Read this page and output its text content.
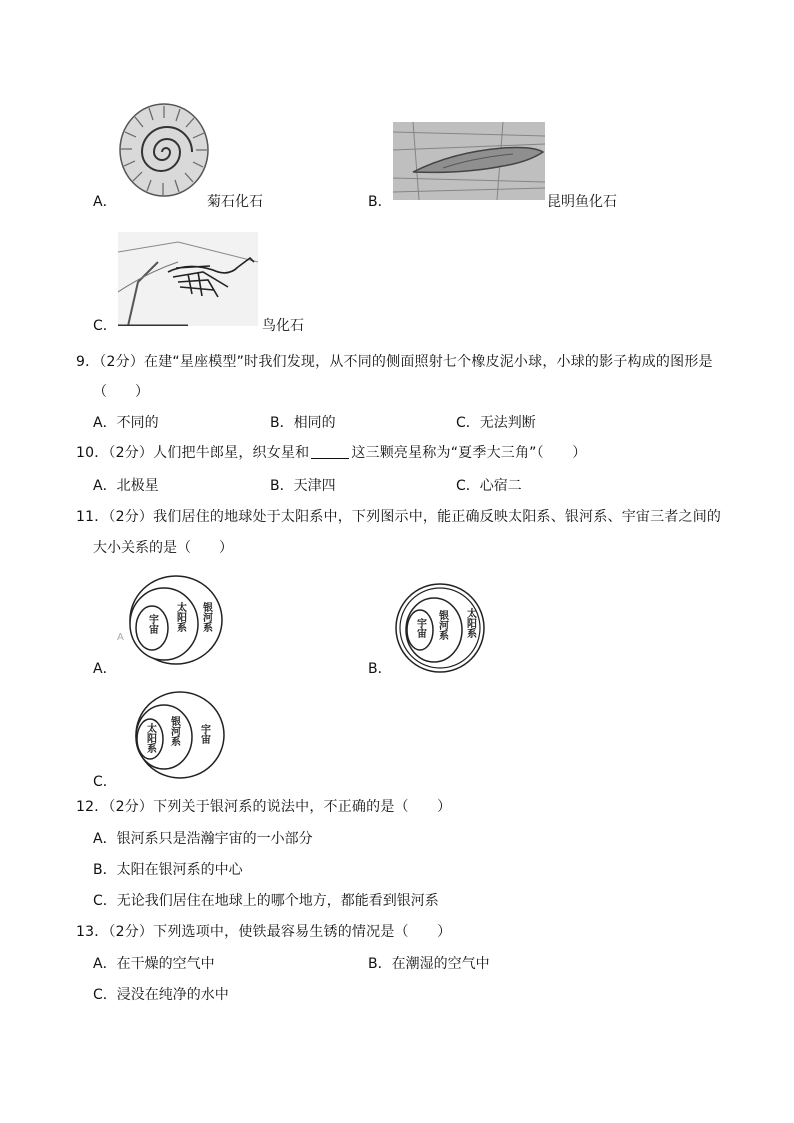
A．	菊石化石	B．	昆明鱼化石
C．	鸟化石
9．（2分）在建“星座模型”时我们发现，从不同的侧面照射七个橡皮泥小球，小球的影子构成的图形是
（　　）
A．不同的	B．相同的	C．无法判断
10．（2分）人们把牛郎星，织女星和	这三颗亮星称为“夏季大三角”（　　）
A．北极星	B．天津四	C．心宿二
11．（2分）我们居住的地球处于太阳系中，下列图示中，能正确反映太阳系、银河系、宇宙三者之间的
大小关系的是（　　）
A
银河系
太阳系
宇宙
A．
太阳系
银河系
宇宙
B．
宇宙
银河系
太阳系
C．
12．（2分）下列关于银河系的说法中，不正确的是（　　）
A．银河系只是浩瀚宇宙的一小部分
B．太阳在银河系的中心
C．无论我们居住在地球上的哪个地方，都能看到银河系
13．（2分）下列选项中，使铁最容易生锈的情况是（　　）
A．在干燥的空气中	B．在潮湿的空气中
C．浸没在纯净的水中
